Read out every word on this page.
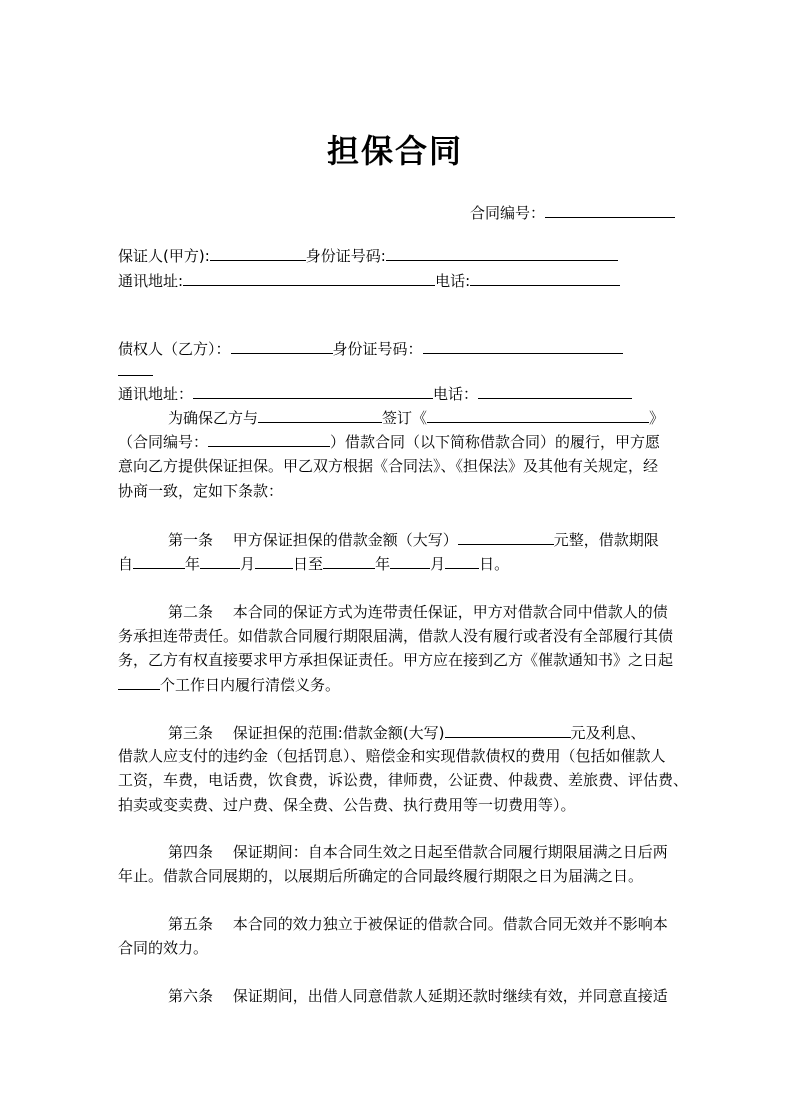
担保合同
合同编号：
保证人(甲方):	身份证号码:
通讯地址:	电话:
债权人（乙方）：	身份证号码：
通讯地址：	电话：
为确保乙方与	签订《	》
（合同编号：	）借款合同（以下简称借款合同）的履行，甲方愿
意向乙方提供保证担保。甲乙双方根据《合同法》、《担保法》及其他有关规定，经
协商一致，定如下条款：
第一条　 甲方保证担保的借款金额（大写）	元整，借款期限
自	年	月	日至	年	月 日。
第二条　 本合同的保证方式为连带责任保证，甲方对借款合同中借款人的债
务承担连带责任。如借款合同履行期限届满，借款人没有履行或者没有全部履行其债
务，乙方有权直接要求甲方承担保证责任。甲方应在接到乙方《催款通知书》之日起
个工作日内履行清偿义务。
第三条　 保证担保的范围:借款金额(大写)	元及利息、
借款人应支付的违约金（包括罚息）、赔偿金和实现借款债权的费用（包括如催款人
工资，车费，电话费，饮食费，诉讼费，律师费，公证费、仲裁费、差旅费、评估费、
拍卖或变卖费、过户费、保全费、公告费、执行费用等一切费用等）。
第四条　 保证期间：自本合同生效之日起至借款合同履行期限届满之日后两
年止。借款合同展期的，以展期后所确定的合同最终履行期限之日为届满之日。
第五条　 本合同的效力独立于被保证的借款合同。借款合同无效并不影响本
合同的效力。
第六条　 保证期间，出借人同意借款人延期还款时继续有效，并同意直接适
